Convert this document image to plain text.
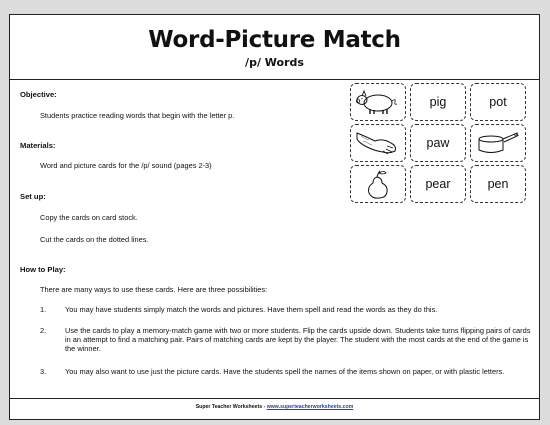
Word-Picture Match
/p/ Words
Objective:
Students practice reading words that begin with the letter p.
Materials:
Word and picture cards for the /p/ sound (pages 2-3)
Set up:
Copy the cards on card stock.
Cut the cards on the dotted lines.
How to Play:
There are many ways to use these cards. Here are three possibilities:
1.	You may have students simply match the words and pictures. Have them spell and read the words as they do this.
2.	Use the cards to play a memory-match game with two or more students. Flip the cards upside down. Students take turns flipping pairs of cards in an attempt to find a matching pair. Pairs of matching cards are kept by the player. The student with the most cards at the end of the game is the winner.
3.	You may also want to use just the picture cards. Have the students spell the names of the items shown on paper, or with plastic letters.
Super Teacher Worksheets - www.superteacherworksheets.com
pig	pot
paw
pear	pen
